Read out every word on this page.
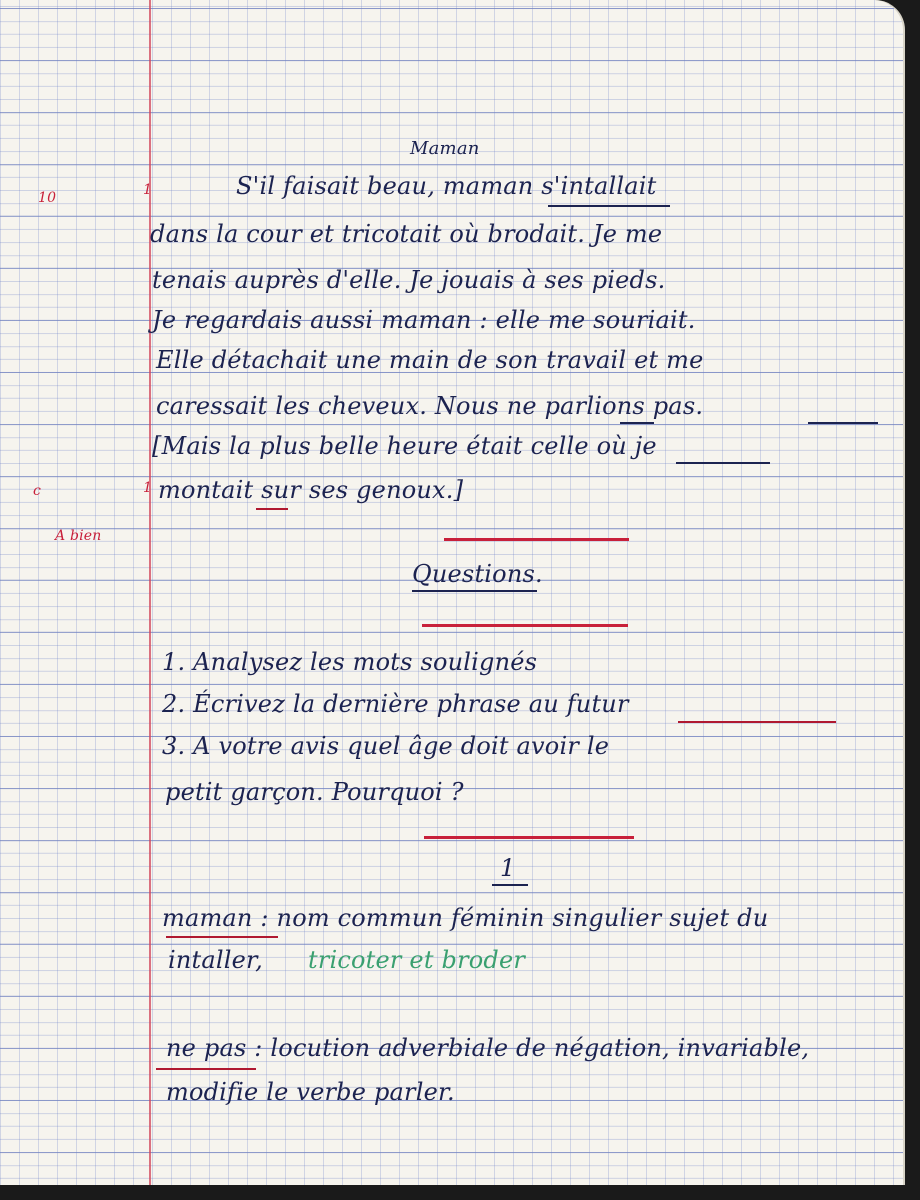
Maman
10	1
c	1
A bien
S'il faisait beau, maman s'intallait
dans la cour et tricotait où brodait. Je me
tenais auprès d'elle. Je jouais à ses pieds.
Je regardais aussi maman : elle me souriait.
Elle détachait une main de son travail et me
caressait les cheveux. Nous ne parlions pas.
[Mais la plus belle heure était celle où je
montait sur ses genoux.]
Questions.
1. Analysez les mots soulignés
2. Écrivez la dernière phrase au futur
3. A votre avis quel âge doit avoir le
petit garçon. Pourquoi ?
1
maman : nom commun féminin singulier sujet du
intaller, tricoter et broder
ne pas : locution adverbiale de négation, invariable,
modifie le verbe parler.
